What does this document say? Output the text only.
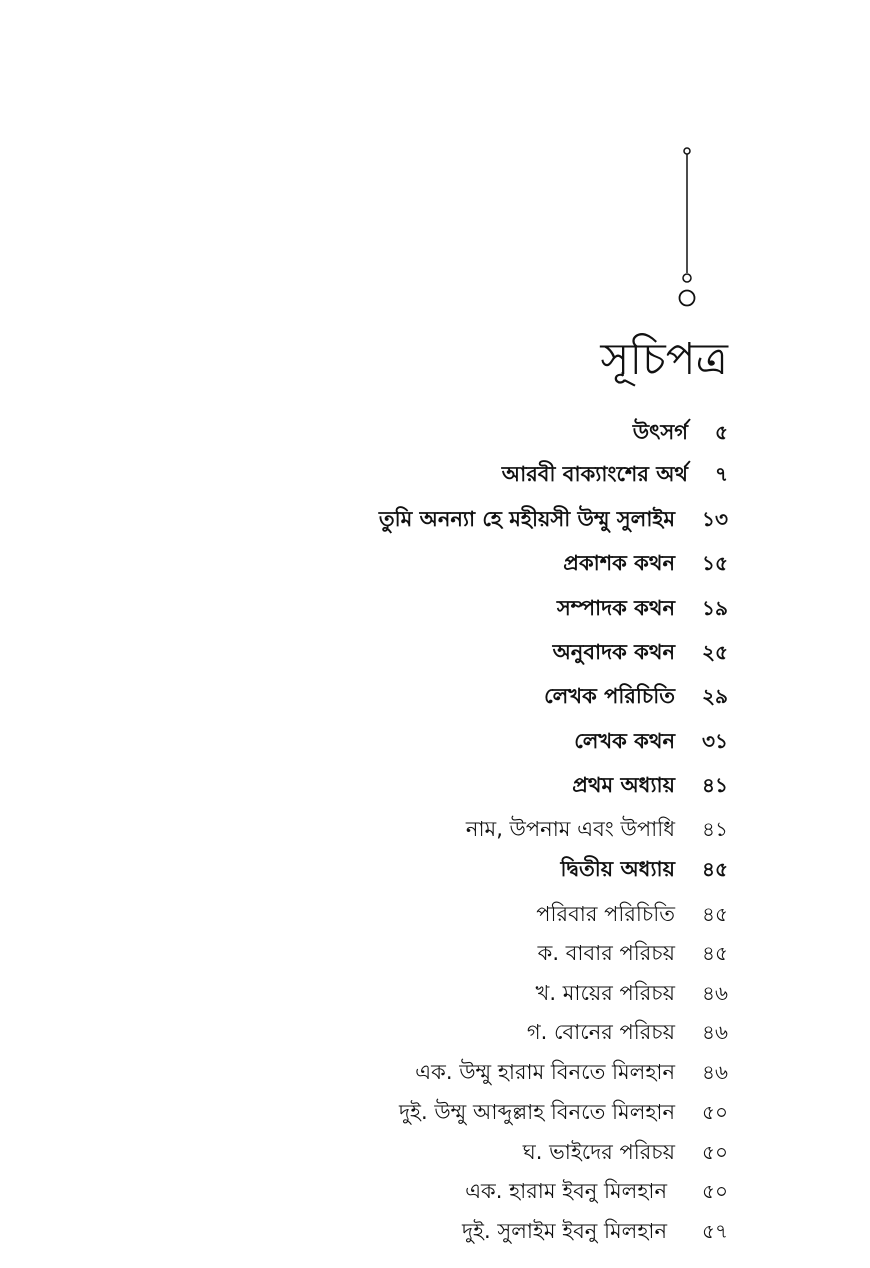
সূচিপত্র
উৎসর্গ ৫
আরবী বাক্যাংশের অর্থ ৭
তুমি অনন্যা হে মহীয়সী উম্মু সুলাইম ১৩
প্রকাশক কথন ১৫
সম্পাদক কথন ১৯
অনুবাদক কথন ২৫
লেখক পরিচিতি ২৯
লেখক কথন ৩১
প্রথম অধ্যায় ৪১
নাম, উপনাম এবং উপাধি ৪১
দ্বিতীয় অধ্যায় ৪৫
পরিবার পরিচিতি ৪৫
ক. বাবার পরিচয় ৪৫
খ. মায়ের পরিচয় ৪৬
গ. বোনের পরিচয় ৪৬
এক. উম্মু হারাম বিনতে মিলহান ৪৬
দুই. উম্মু আব্দুল্লাহ বিনতে মিলহান ৫০
ঘ. ভাইদের পরিচয় ৫০
এক. হারাম ইবনু মিলহান ৫০
দুই. সুলাইম ইবনু মিলহান ৫৭
